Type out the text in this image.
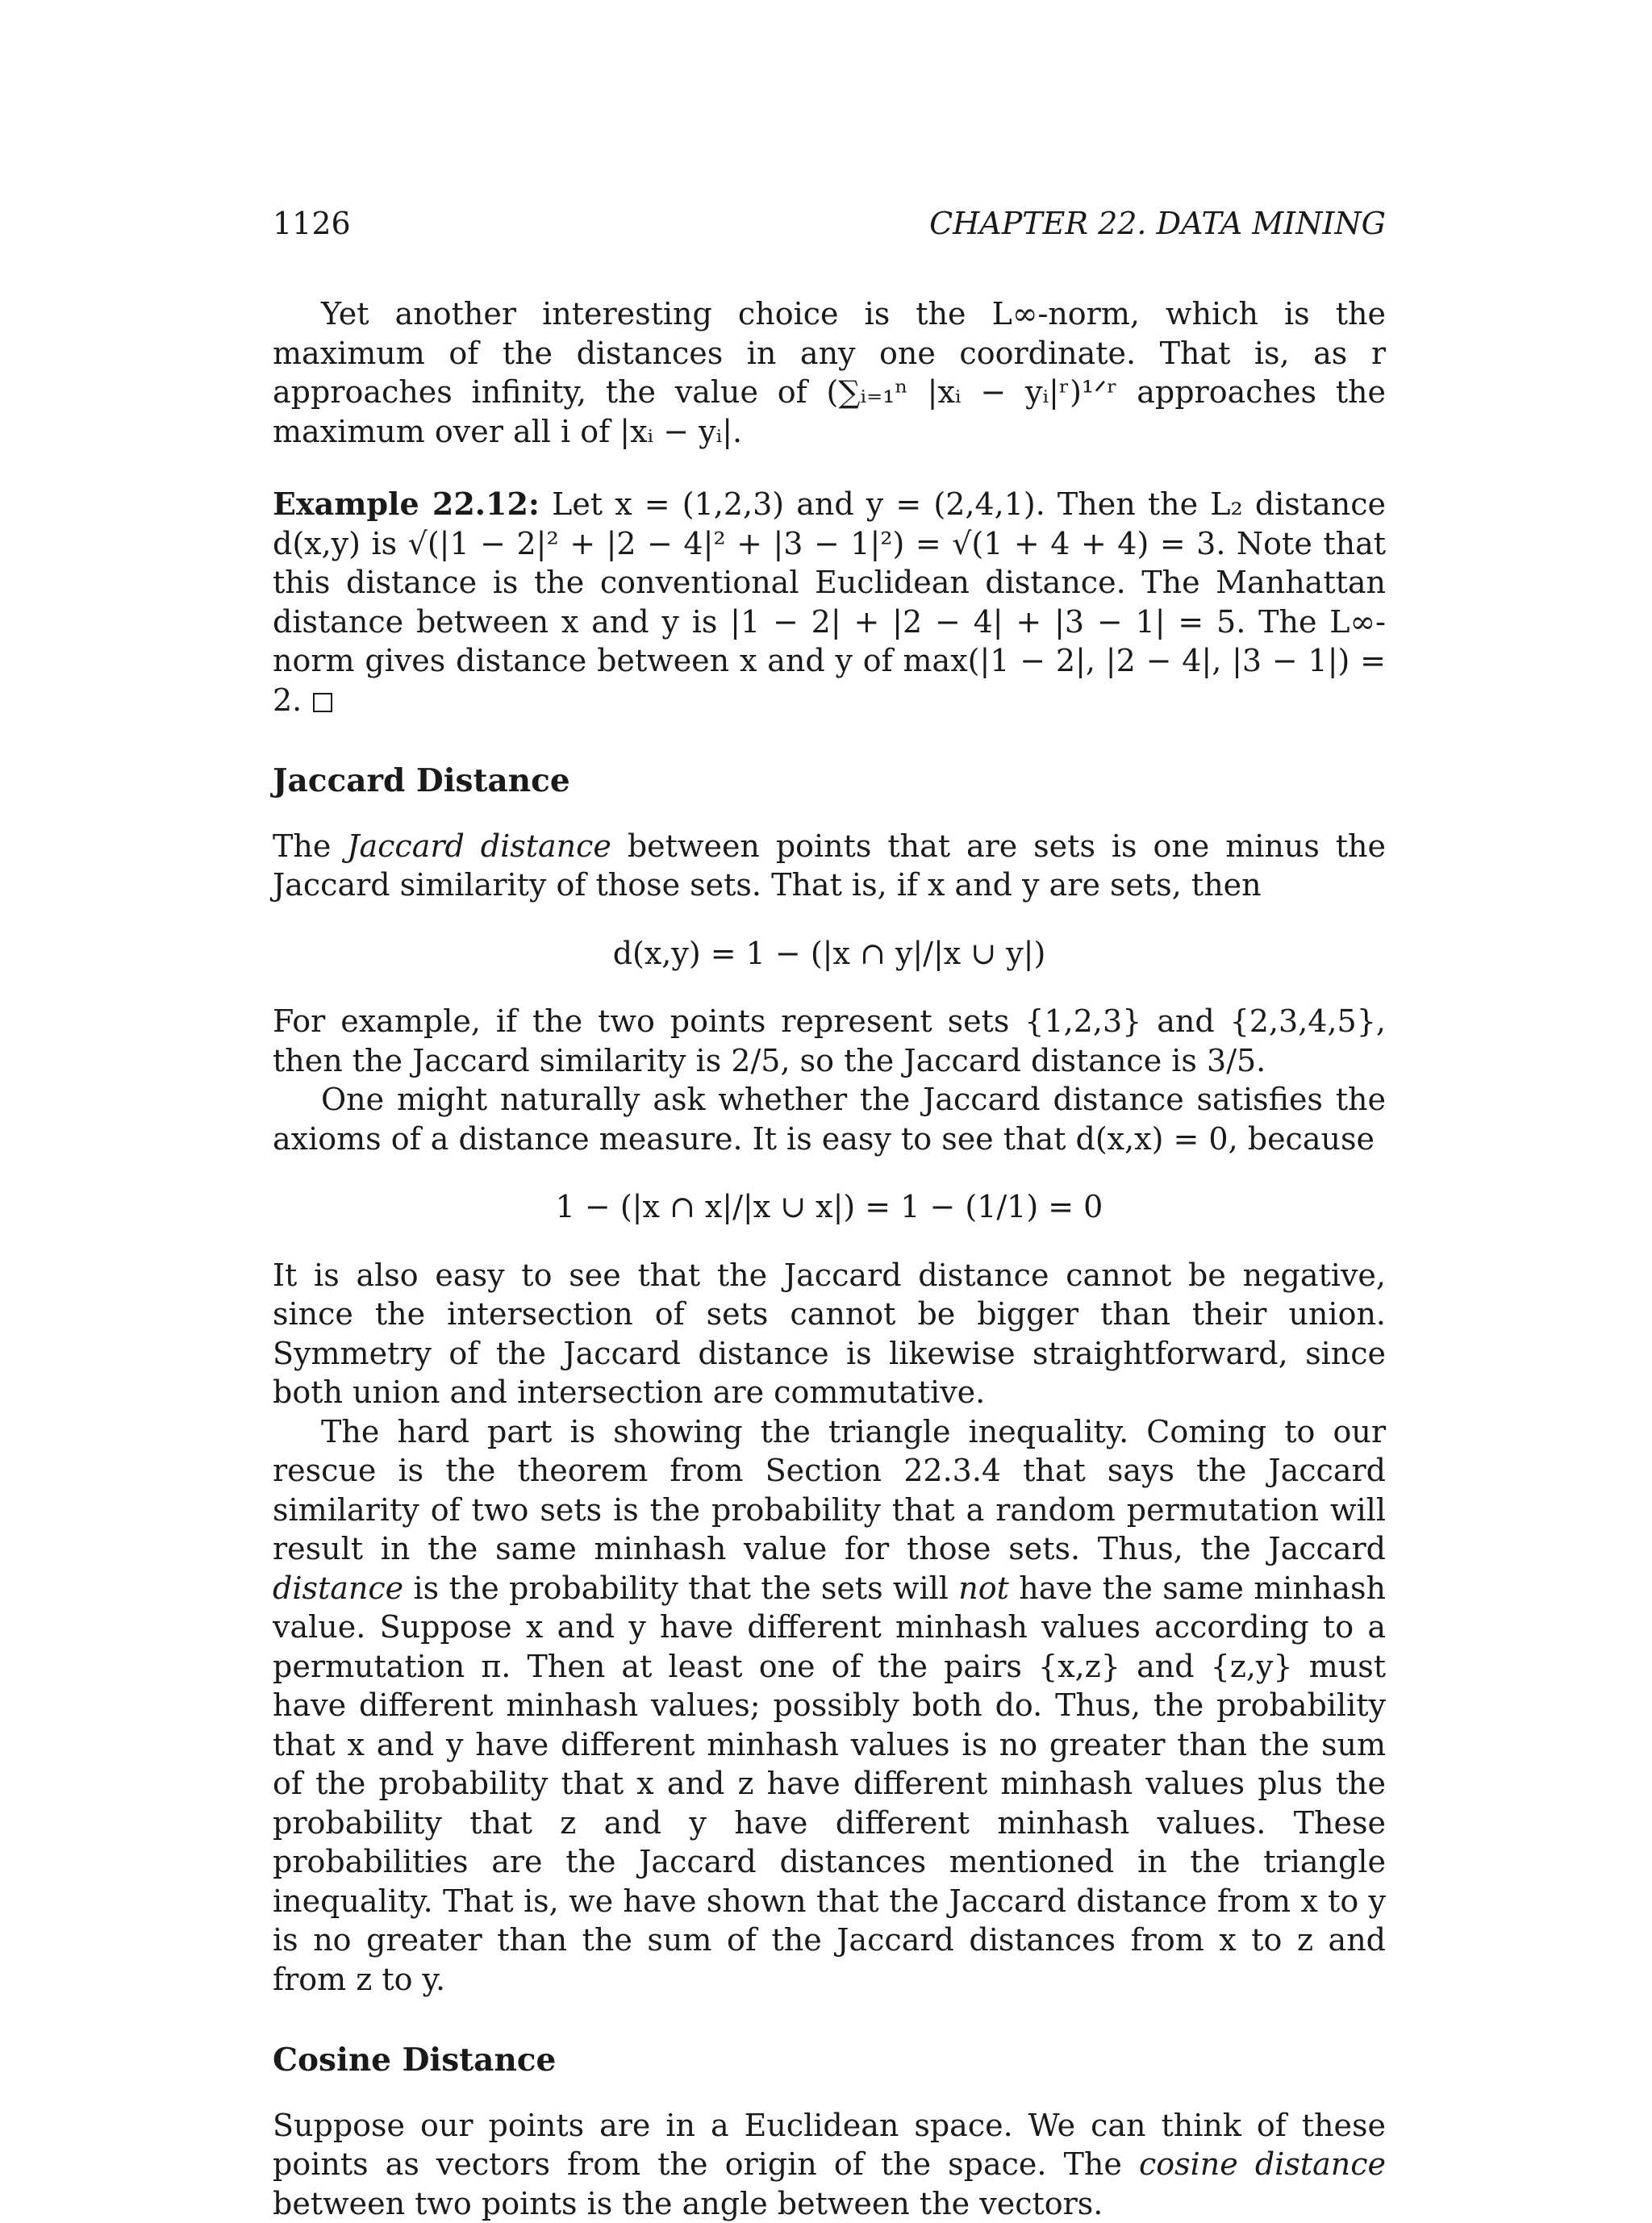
1126	CHAPTER 22. DATA MINING

Yet another interesting choice is the L∞-norm, which is the maximum of the distances in any one coordinate. That is, as r approaches infinity, the value of (∑ᵢ₌₁ⁿ |xᵢ − yᵢ|ʳ)¹ᐟʳ approaches the maximum over all i of |xᵢ − yᵢ|.

Example 22.12: Let x = (1,2,3) and y = (2,4,1). Then the L₂ distance d(x,y) is √(|1 − 2|² + |2 − 4|² + |3 − 1|²) = √(1 + 4 + 4) = 3. Note that this distance is the conventional Euclidean distance. The Manhattan distance between x and y is |1 − 2| + |2 − 4| + |3 − 1| = 5. The L∞-norm gives distance between x and y of max(|1 − 2|, |2 − 4|, |3 − 1|) = 2.

Jaccard Distance

The Jaccard distance between points that are sets is one minus the Jaccard similarity of those sets. That is, if x and y are sets, then

d(x,y) = 1 − (|x ∩ y|/|x ∪ y|)

For example, if the two points represent sets {1,2,3} and {2,3,4,5}, then the Jaccard similarity is 2/5, so the Jaccard distance is 3/5.

One might naturally ask whether the Jaccard distance satisfies the axioms of a distance measure. It is easy to see that d(x,x) = 0, because

1 − (|x ∩ x|/|x ∪ x|) = 1 − (1/1) = 0

It is also easy to see that the Jaccard distance cannot be negative, since the intersection of sets cannot be bigger than their union. Symmetry of the Jaccard distance is likewise straightforward, since both union and intersection are commutative.

The hard part is showing the triangle inequality. Coming to our rescue is the theorem from Section 22.3.4 that says the Jaccard similarity of two sets is the probability that a random permutation will result in the same minhash value for those sets. Thus, the Jaccard distance is the probability that the sets will not have the same minhash value. Suppose x and y have different minhash values according to a permutation π. Then at least one of the pairs {x,z} and {z,y} must have different minhash values; possibly both do. Thus, the probability that x and y have different minhash values is no greater than the sum of the probability that x and z have different minhash values plus the probability that z and y have different minhash values. These probabilities are the Jaccard distances mentioned in the triangle inequality. That is, we have shown that the Jaccard distance from x to y is no greater than the sum of the Jaccard distances from x to z and from z to y.

Cosine Distance

Suppose our points are in a Euclidean space. We can think of these points as vectors from the origin of the space. The cosine distance between two points is the angle between the vectors.
